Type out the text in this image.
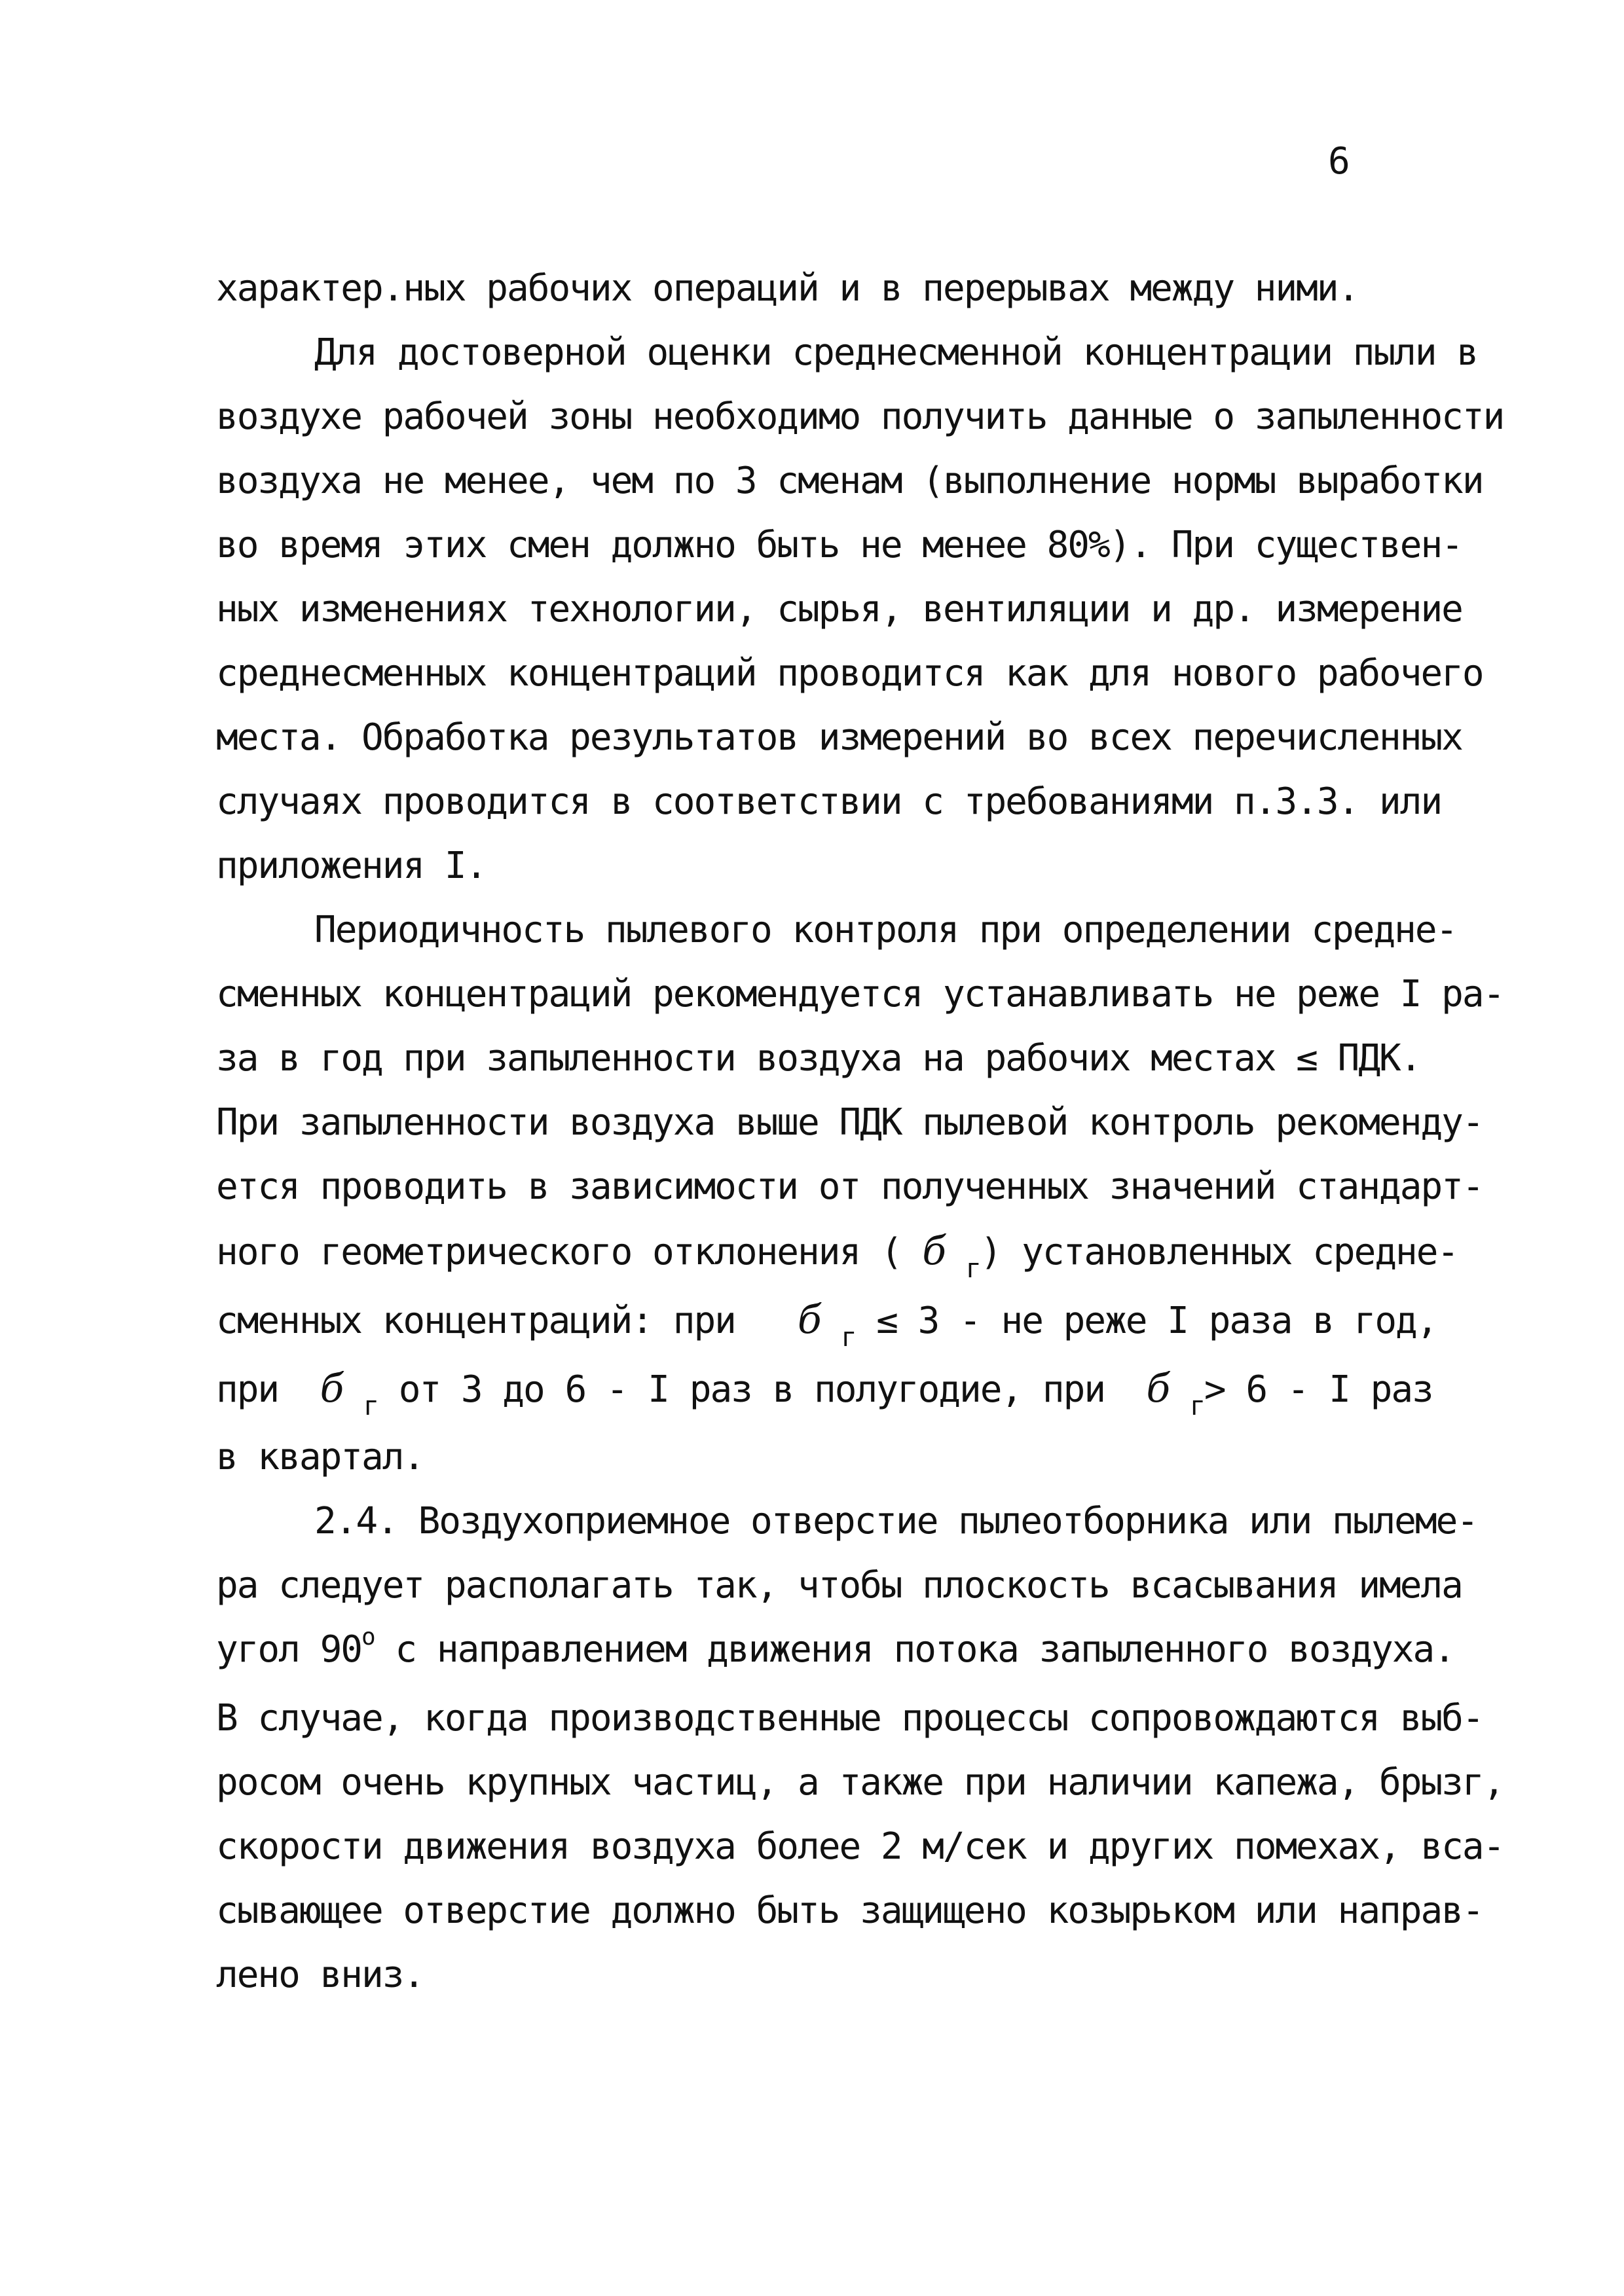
6
характер.ных рабочих операций и в перерывах между ними.
Для достоверной оценки среднесменной концентрации пыли в
воздухе рабочей зоны необходимо получить данные о запыленности
воздуха не менее, чем по 3 сменам (выполнение нормы выработки
во время этих смен должно быть не менее 80%). При существен-
ных изменениях технологии, сырья, вентиляции и др. измерение
среднесменных концентраций проводится как для нового рабочего
места. Обработка результатов измерений во всех перечисленных
случаях проводится в соответствии с требованиями п.3.3. или
приложения I.
Периодичность пылевого контроля при определении средне-
сменных концентраций рекомендуется устанавливать не реже I ра-
за в год при запыленности воздуха на рабочих местах ≤ ПДК.
При запыленности воздуха выше ПДК пылевой контроль рекоменду-
ется проводить в зависимости от полученных значений стандарт-
ного геометрического отклонения ( б $_г$) установленных средне-
сменных концентраций: при   б $_г$ ≤ 3 - не реже I раза в год,
при  б $_г$ от 3 до 6 - I раз в полугодие, при  б $_г$> 6 - I раз
в квартал.
2.4. Воздухоприемное отверстие пылеотборника или пылеме-
ра следует располагать так, чтобы плоскость всасывания имела
угол 90$^o$ с направлением движения потока запыленного воздуха.
В случае, когда производственные процессы сопровождаются выб-
росом очень крупных частиц, а также при наличии капежа, брызг,
скорости движения воздуха более 2 м/сек и других помехах, вса-
сывающее отверстие должно быть защищено козырьком или направ-
лено вниз.
